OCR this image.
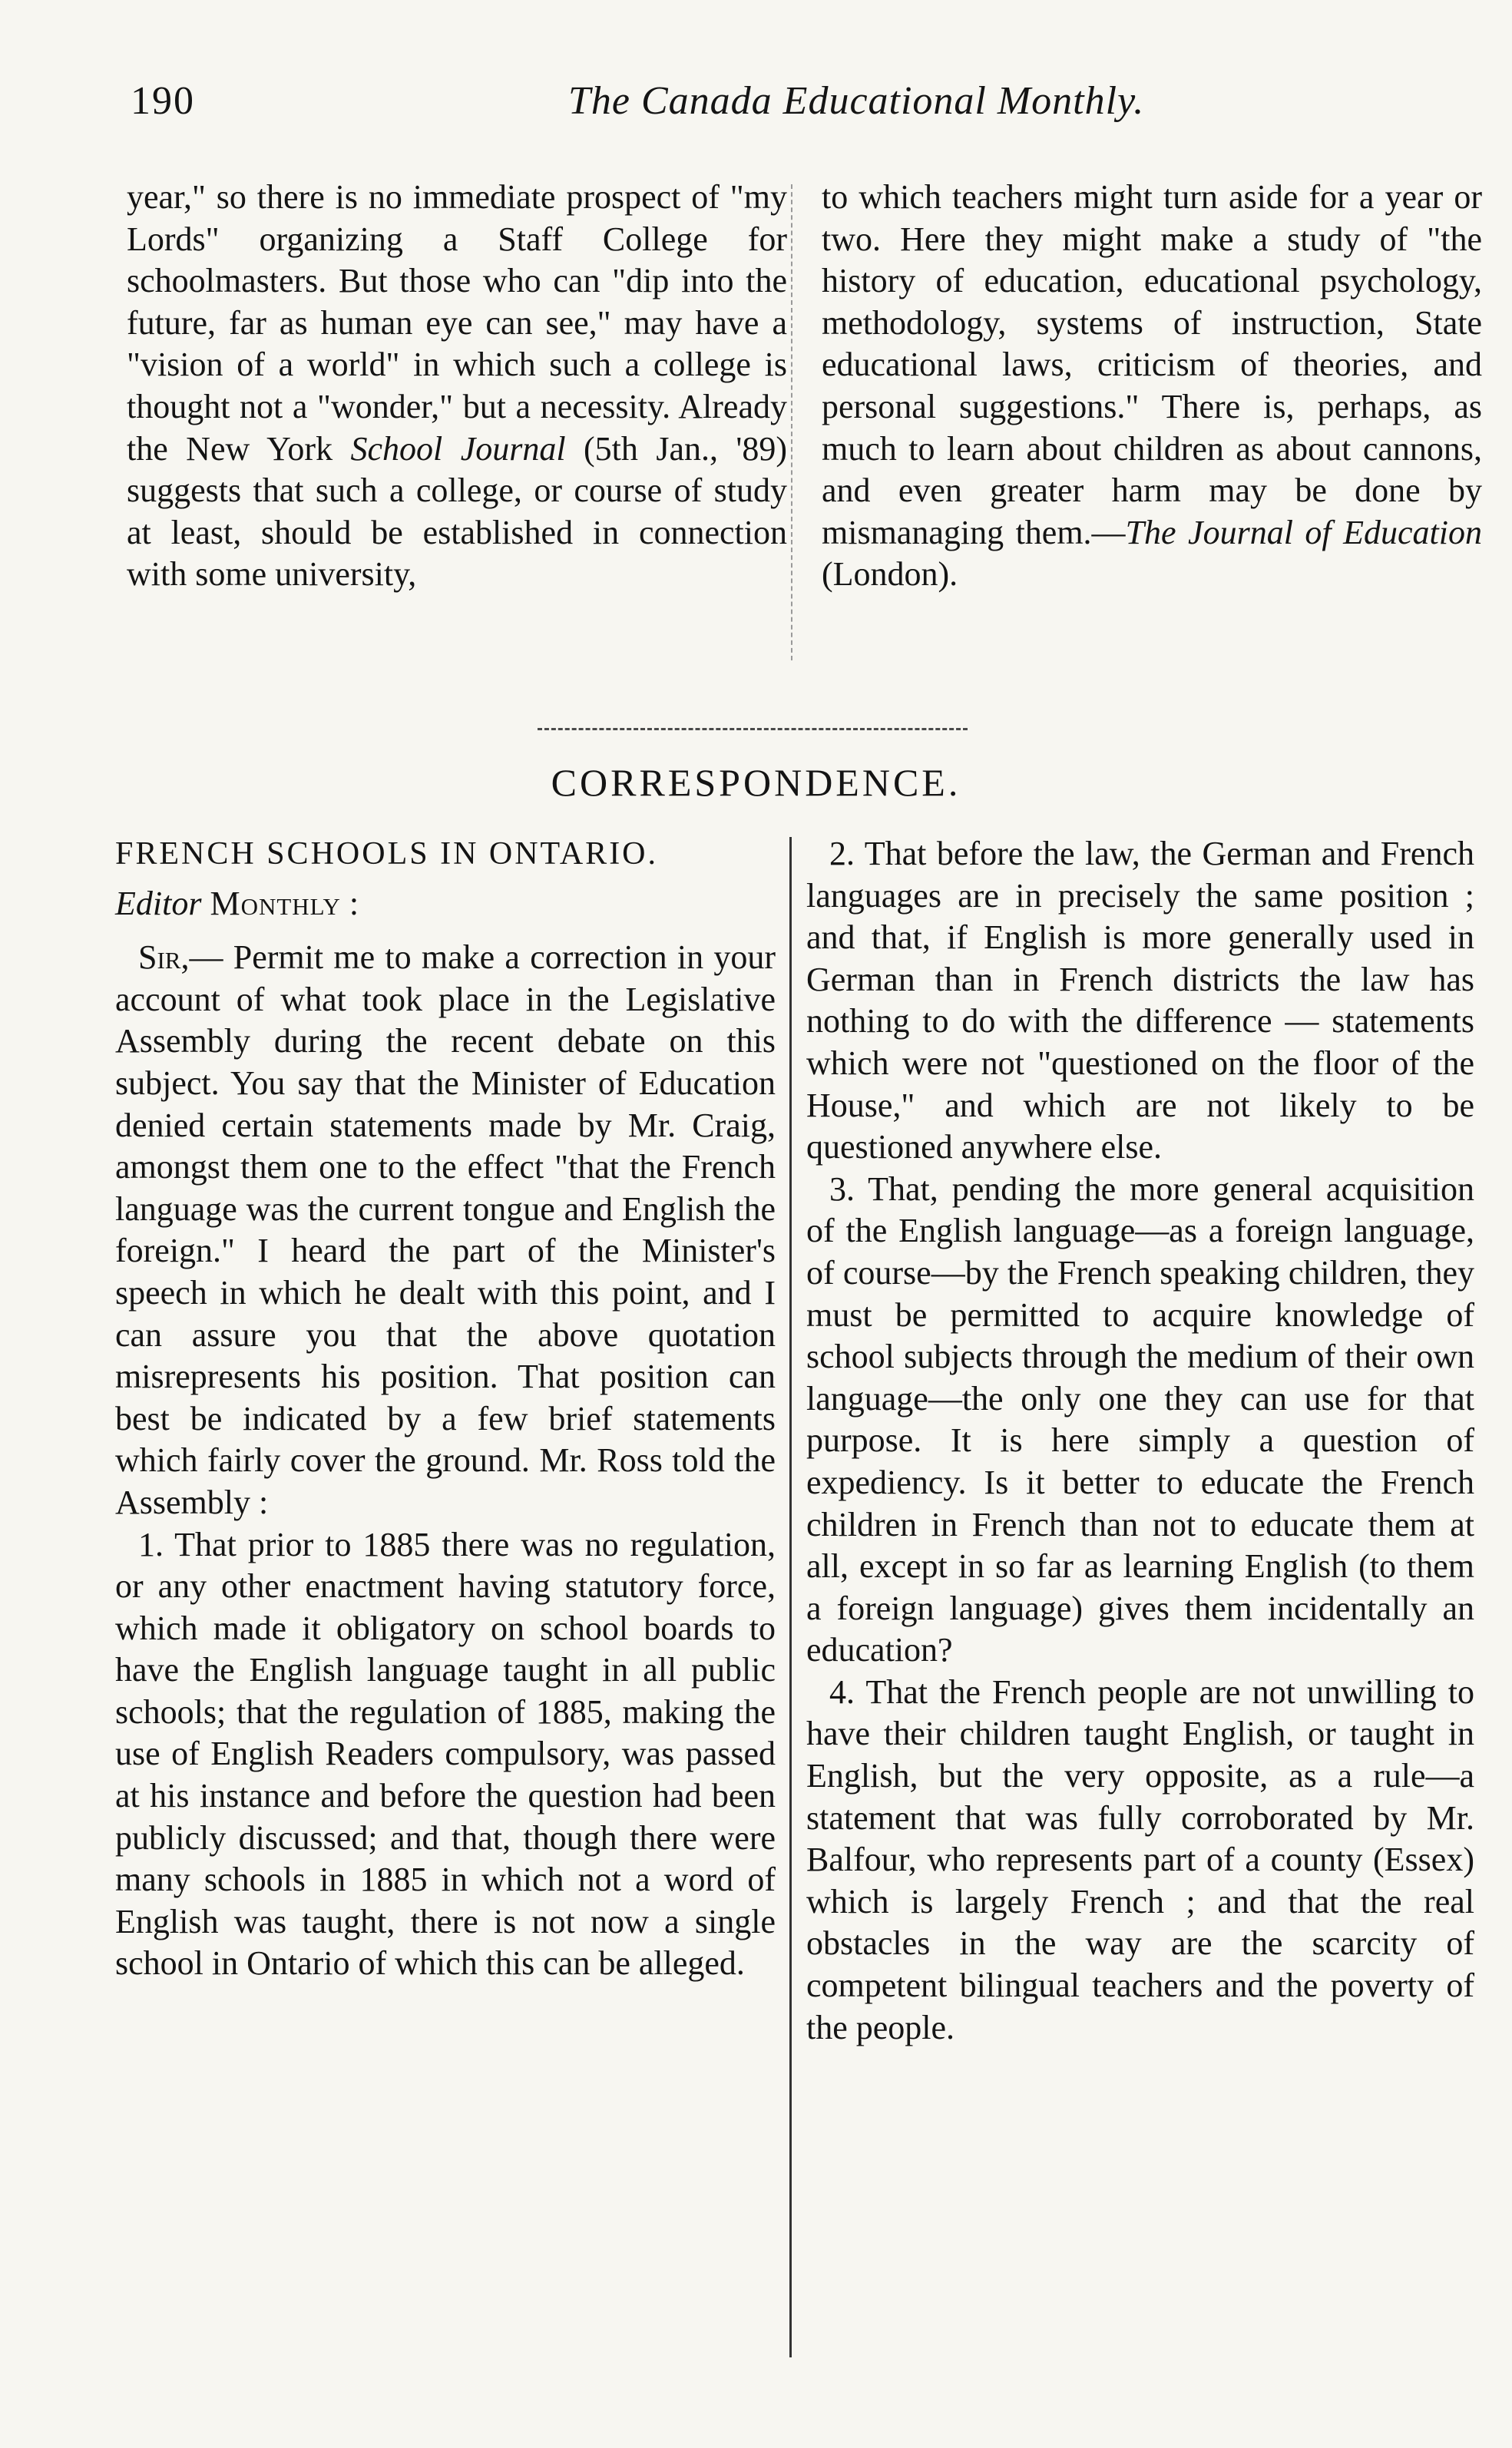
190	The Canada Educational Monthly.

year," so there is no immediate prospect of "my Lords" organizing a Staff College for schoolmasters. But those who can "dip into the future, far as human eye can see," may have a "vision of a world" in which such a college is thought not a "wonder," but a necessity. Already the New York School Journal (5th Jan., '89) suggests that such a college, or course of study at least, should be established in connection with some university,

to which teachers might turn aside for a year or two. Here they might make a study of "the history of education, educational psychology, methodology, systems of instruction, State educational laws, criticism of theories, and personal suggestions." There is, perhaps, as much to learn about children as about cannons, and even greater harm may be done by mismanaging them.—The Journal of Education (London).

CORRESPONDENCE.

FRENCH SCHOOLS IN ONTARIO.

Editor Monthly :

Sir,— Permit me to make a correction in your account of what took place in the Legislative Assembly during the recent debate on this subject. You say that the Minister of Education denied certain statements made by Mr. Craig, amongst them one to the effect "that the French language was the current tongue and English the foreign." I heard the part of the Minister's speech in which he dealt with this point, and I can assure you that the above quotation misrepresents his position. That position can best be indicated by a few brief statements which fairly cover the ground. Mr. Ross told the Assembly :

1. That prior to 1885 there was no regulation, or any other enactment having statutory force, which made it obligatory on school boards to have the English language taught in all public schools; that the regulation of 1885, making the use of English Readers compulsory, was passed at his instance and before the question had been publicly discussed; and that, though there were many schools in 1885 in which not a word of English was taught, there is not now a single school in Ontario of which this can be alleged.

2. That before the law, the German and French languages are in precisely the same position ; and that, if English is more generally used in German than in French districts the law has nothing to do with the difference — statements which were not "questioned on the floor of the House," and which are not likely to be questioned anywhere else.

3. That, pending the more general acquisition of the English language—as a foreign language, of course—by the French speaking children, they must be permitted to acquire knowledge of school subjects through the medium of their own language—the only one they can use for that purpose. It is here simply a question of expediency. Is it better to educate the French children in French than not to educate them at all, except in so far as learning English (to them a foreign language) gives them incidentally an education?

4. That the French people are not unwilling to have their children taught English, or taught in English, but the very opposite, as a rule—a statement that was fully corroborated by Mr. Balfour, who represents part of a county (Essex) which is largely French ; and that the real obstacles in the way are the scarcity of competent bilingual teachers and the poverty of the people.
